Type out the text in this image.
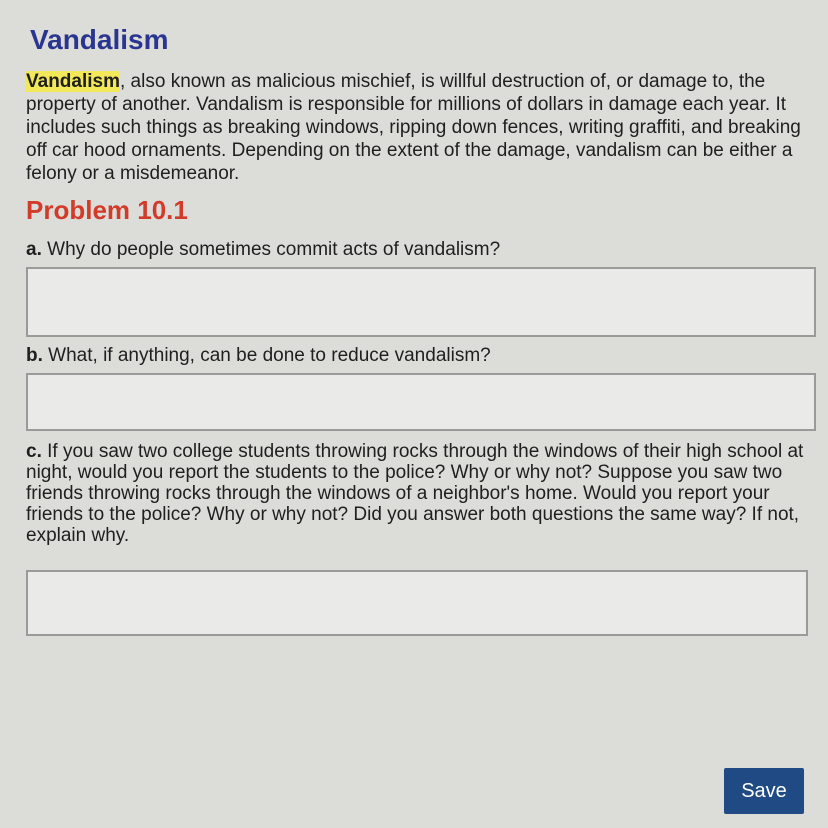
Vandalism

Vandalism, also known as malicious mischief, is willful destruction of, or damage to, the property of another. Vandalism is responsible for millions of dollars in damage each year. It includes such things as breaking windows, ripping down fences, writing graffiti, and breaking off car hood ornaments. Depending on the extent of the damage, vandalism can be either a felony or a misdemeanor.

Problem 10.1

a. Why do people sometimes commit acts of vandalism?

b. What, if anything, can be done to reduce vandalism?

c. If you saw two college students throwing rocks through the windows of their high school at night, would you report the students to the police? Why or why not? Suppose you saw two friends throwing rocks through the windows of a neighbor's home. Would you report your friends to the police? Why or why not? Did you answer both questions the same way? If not, explain why.

Save
